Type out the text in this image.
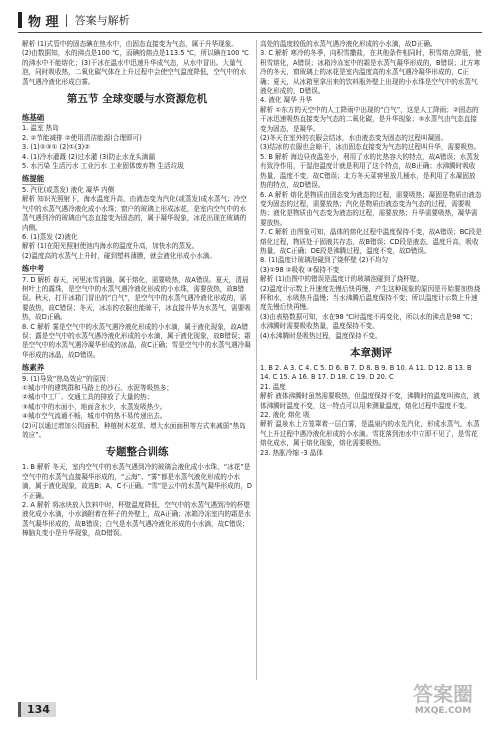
物 理 | 答案与解析

解析 (1)式管中的固态碘在热水中，由固态直接变为气态，属于升华现象。

(2)由数据知，水的沸点是100 ℃，而碘的熔点是113.5 ℃，所以碘在100 ℃的沸水中不能熔化；(3)干冰在温水中迅速升华成气态，从水中冒出。大量气泡，同时吸收热，二氧化碳气体在上升过程中会使空气温度降低，空气中的水蒸气遇冷液化形成白雾。

第五节 全球变暖与水资源危机
练基础

1. 温室 热岛

2. ②节能减排 ②使用清洁能源(合理即可)

3. (1)②③① (2)①(3)②

4. (1)冷水灌溉 (2)过水灌 (3)防止水龙头滴漏

5. 水污染 生活污水 工业污水 工业固体废弃物 生活垃圾

练提能

5. 汽化(或蒸发) 液化 凝华 内侧

解析 知识光照射下，海水温度升高，由液态变为汽化(或蒸发)成水蒸气；冷空气中的水蒸气遇冷液化成小水珠；窗户的玻璃上形成冰花，是室内空气中的水蒸气遇到冷的玻璃由气态直接变为固态的，属于凝华现象，冰花出现在玻璃的内侧。

6. (1)蒸发 (2)液化

解析 (1)在阳光照射使池内海水的温度升高，加快水的蒸发。

(2)温度高的水蒸气上升时，碰到塑料薄膜，就会液化形成小水滴。

练中考

7. D 解析 春天，河里冰雪消融，属于熔化，需要吸热，故A错误。夏天，清晨树叶上的露珠，是空气中的水蒸气遇冷液化形成的小水珠，需要放热，故B错误。秋天，打开冰箱门冒出的“白气”，是空气中的水蒸气遇冷液化形成的，需要放热，故C错误；冬天，冰冻的衣服也能晾干，冰直接升华为水蒸气，需要吸热，故D正确。

8. C 解析 雾是空气中的水蒸气遇冷液化形成的小水滴，属于液化现象，故A错误；露是空气中的水蒸气遇冷液化形成的小水滴，属于液化现象，故B错误；霜是空气中的水蒸气遇冷凝华形成的冰晶，故C正确；雪是空气中的水蒸气遇冷凝华形成的冰晶，故D错误。

练素养

9. (1)导致“热岛效应”的原因：

①城市中的建筑群和马路上的沙石、水泥等吸热多；

②城市中工厂、交通工具的排放了大量的热；

③城市中的水面小，地面含水少，水蒸发吸热少。

④城市空气流通不畅，城市中的热不易传递出去。

(2)可以通过增加公园面积、种植树木花草、增大水面面积等方式来减弱“热岛效应”。

专题整合训练

1. B 解析 冬天，室内空气中的水蒸气遇到冷的玻璃会液化成小水珠，“冰花”是空气中的水蒸气直接凝华形成的，“云海”、“雾”都是水蒸气液化形成的小水滴，属于液化现象，故选B；A、C不正确。“雪”是云中的水蒸气凝华形成的，D不正确。

2. A 解析 将冰块放入饮料中时，杯壁温度降低，空气中的水蒸气遇到冷的杯壁液化成小水滴，小水滴附着在杯子的外壁上，故A正确；冰箱冷冻室内的霜是水蒸气凝华形成的，故B错误；白气是水蒸气遇冷液化形成的小水滴，故C错误；樟脑丸变小是升华现象，故D错误。

高处的温度较低的水蒸气遇冷液化形成的小水滴，故D正确。

3. C 解析 寒冷的冬季，向积雪撒盐，在其他条件相同时，积雪熔点降低，使积雪熔化，A错误；冰箱冷冻室中的霜是水蒸气凝华形成的，B错误；北方寒冷的冬天，窗玻璃上的冰花是室内温度高的水蒸气遇冷凝华形成的，C正确；夏天，从冰箱里拿出来的饮料瓶外壁上出现的小水珠是空气中的水蒸气液化形成的，D错误。

4. 液化 凝华 升华

解析 ①东方的天空中的人工降雨中出现的“白气”，这是人工降雨；②固态的干冰迅速吸热直接变为气态的二氧化碳，是升华现象；③水蒸气由气态直接变为固态，是凝华。

(2)冬天在室外的衣服会结冰，水由液态变为固态的过程叫凝固。

(3)结冰的衣服也会晾干，冰由固态直接变为气态的过程叫升华，需要吸热。

5. B 解析 海边昼夜温差小，利用了水的比热容大的特点，故A错误；水蒸发有致冷作用，干湿泡温度计就是利用了这个特点，故B正确；水沸腾时吸收热量，温度不变，故C错误；北方冬天菜窖里放几桶水，是利用了水凝固放热的特点，故D错误。

6. A 解析 熔化是物质由固态变为液态的过程，需要吸热；凝固是物质由液态变为固态的过程，需要放热；汽化是物质由液态变为气态的过程，需要吸热；液化是物质由气态变为液态的过程，需要放热；升华需要吸热，凝华需要放热。

7. C 解析 由图象可知，晶体的熔化过程中温度保持不变，故A错误；BC段是熔化过程，物质处于固液共存态，故B错误；CD段是液态，温度升高，吸收热量，故C正确；DE段是沸腾过程，温度不变，故D错误。

8. (1)温度计玻璃泡碰到了烧杯壁 (2)不均匀

(3)①98 ②吸收 ③保持不变

解析 (1)由图中的错误是温度计的玻璃泡碰到了烧杯壁。

(2)温度计示数上升速度先慢后快再慢，产生这种现象的原因是开始要加热烧杯和水，水吸热升温慢；当水沸腾后温度保持不变；所以温度计示数上升速度先慢后快再慢。

(3)由表格数据可知，水在98 ℃时温度不再变化，所以水的沸点是98 ℃；水沸腾时需要吸收热量，温度保持不变。

(4)水沸腾时是吸热过程，温度保持不变。

本章测评

1. B 2. A 3. C 4. C 5. D 6. B 7. D 8. B 9. B 10. A 11. D 12. B 13. B 14. C 15. A 16. B 17. D 18. C 19. D 20. C

21. 温度

解析 液体沸腾时虽然需要吸热，但温度保持不变，沸腾时的温度叫沸点，液体沸腾时温度不变，这一特点可以用来测量温度，熔化过程中温度不变。

22. 液化 熔化 吸

解析 温泉水上方笼罩着一层白雾，是温泉内的水先汽化，形成水蒸气，水蒸气上升过程中遇冷液化形成的小水滴。雪花落到池水中立即不见了，是雪花熔化成水，属于熔化现象，熔化需要吸热。

23. 热胀冷缩 -3 晶体

134
答案圈
MXQE.COM
